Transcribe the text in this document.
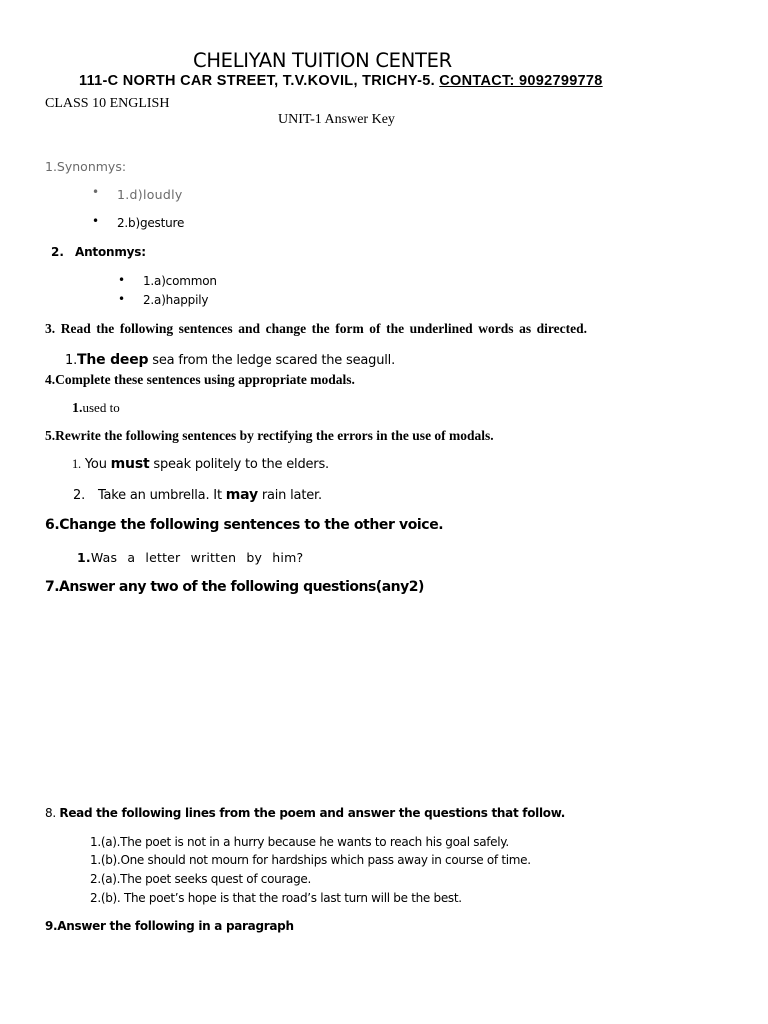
CHELIYAN TUITION CENTER
111-C NORTH CAR STREET, T.V.KOVIL, TRICHY-5. CONTACT: 9092799778
CLASS 10 ENGLISH
UNIT-1 Answer Key
1.Synonmys:
• 1.d)loudly
• 2.b)gesture
2. Antonmys:
• 1.a)common
• 2.a)happily
3. Read the following sentences and change the form of the underlined words as directed.
1.The deep sea from the ledge scared the seagull.
4.Complete these sentences using appropriate modals.
1.used to
5.Rewrite the following sentences by rectifying the errors in the use of modals.
1. You must speak politely to the elders.
2. Take an umbrella. It may rain later.
6.Change the following sentences to the other voice.
1.Was a letter written by him?
7.Answer any two of the following questions(any2)
8. Read the following lines from the poem and answer the questions that follow.
1.(a).The poet is not in a hurry because he wants to reach his goal safely.
1.(b).One should not mourn for hardships which pass away in course of time.
2.(a).The poet seeks quest of courage.
2.(b). The poet’s hope is that the road’s last turn will be the best.
9.Answer the following in a paragraph
